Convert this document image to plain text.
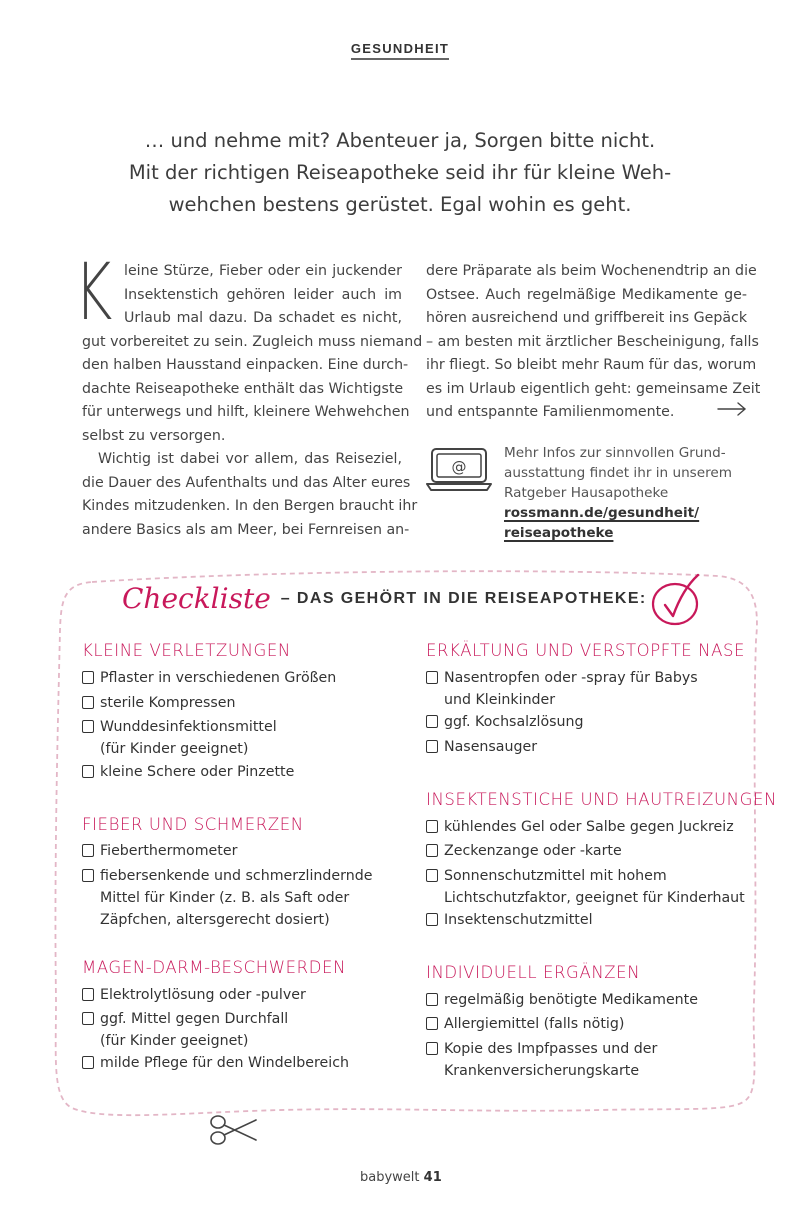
GESUNDHEIT
… und nehme mit? Abenteuer ja, Sorgen bitte nicht.
Mit der richtigen Reiseapotheke seid ihr für kleine Weh-
wehchen bestens gerüstet. Egal wohin es geht.
K leine Stürze, Fieber oder ein juckender
Insektenstich gehören leider auch im
Urlaub mal dazu. Da schadet es nicht,
gut vorbereitet zu sein. Zugleich muss niemand
den halben Hausstand einpacken. Eine durch-
dachte Reiseapotheke enthält das Wichtigste
für unterwegs und hilft, kleinere Wehwehchen
selbst zu versorgen.
Wichtig ist dabei vor allem, das Reiseziel,
die Dauer des Aufenthalts und das Alter eures
Kindes mitzudenken. In den Bergen braucht ihr
andere Basics als am Meer, bei Fernreisen an-
dere Präparate als beim Wochenendtrip an die
Ostsee. Auch regelmäßige Medikamente ge-
hören ausreichend und griffbereit ins Gepäck
– am besten mit ärztlicher Bescheinigung, falls
ihr fliegt. So bleibt mehr Raum für das, worum
es im Urlaub eigentlich geht: gemeinsame Zeit
und entspannte Familienmomente.
@
Mehr Infos zur sinnvollen Grund-
ausstattung findet ihr in unserem
Ratgeber Hausapotheke
rossmann.de/gesundheit/
reiseapotheke
Checkliste – DAS GEHÖRT IN DIE REISEAPOTHEKE:
KLEINE VERLETZUNGEN
Pflaster in verschiedenen Größen
sterile Kompressen
Wunddesinfektionsmittel
(für Kinder geeignet)
kleine Schere oder Pinzette
FIEBER UND SCHMERZEN
Fieberthermometer
fiebersenkende und schmerzlindernde
Mittel für Kinder (z. B. als Saft oder
Zäpfchen, altersgerecht dosiert)
MAGEN-DARM-BESCHWERDEN
Elektrolytlösung oder -pulver
ggf. Mittel gegen Durchfall
(für Kinder geeignet)
milde Pflege für den Windelbereich
ERKÄLTUNG UND VERSTOPFTE NASE
Nasentropfen oder -spray für Babys
und Kleinkinder
ggf. Kochsalzlösung
Nasensauger
INSEKTENSTICHE UND HAUTREIZUNGEN
kühlendes Gel oder Salbe gegen Juckreiz
Zeckenzange oder -karte
Sonnenschutzmittel mit hohem
Lichtschutzfaktor, geeignet für Kinderhaut
Insektenschutzmittel
INDIVIDUELL ERGÄNZEN
regelmäßig benötigte Medikamente
Allergiemittel (falls nötig)
Kopie des Impfpasses und der
Krankenversicherungskarte
babywelt 41
